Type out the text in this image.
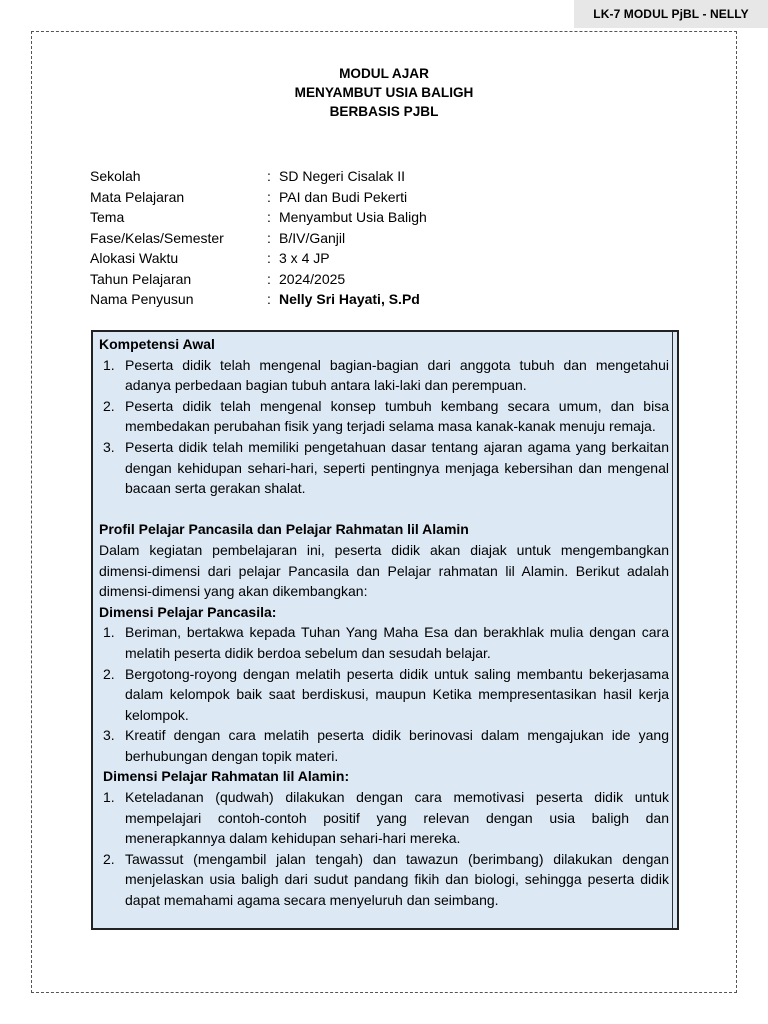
LK-7 MODUL PjBL - NELLY
MODUL AJAR
MENYAMBUT USIA BALIGH
BERBASIS PJBL
Sekolah	: SD Negeri Cisalak II
Mata Pelajaran	: PAI dan Budi Pekerti
Tema	: Menyambut Usia Baligh
Fase/Kelas/Semester	: B/IV/Ganjil
Alokasi Waktu	: 3 x 4 JP
Tahun Pelajaran	: 2024/2025
Nama Penyusun	: Nelly Sri Hayati, S.Pd
Kompetensi Awal
1. Peserta didik telah mengenal bagian-bagian dari anggota tubuh dan mengetahui adanya perbedaan bagian tubuh antara laki-laki dan perempuan.
2. Peserta didik telah mengenal konsep tumbuh kembang secara umum, dan bisa membedakan perubahan fisik yang terjadi selama masa kanak-kanak menuju remaja.
3. Peserta didik telah memiliki pengetahuan dasar tentang ajaran agama yang berkaitan dengan kehidupan sehari-hari, seperti pentingnya menjaga kebersihan dan mengenal bacaan serta gerakan shalat.
Profil Pelajar Pancasila dan Pelajar Rahmatan lil Alamin
Dalam kegiatan pembelajaran ini, peserta didik akan diajak untuk mengembangkan dimensi-dimensi dari pelajar Pancasila dan Pelajar rahmatan lil Alamin. Berikut adalah dimensi-dimensi yang akan dikembangkan:
Dimensi Pelajar Pancasila:
1. Beriman, bertakwa kepada Tuhan Yang Maha Esa dan berakhlak mulia dengan cara melatih peserta didik berdoa sebelum dan sesudah belajar.
2. Bergotong-royong dengan melatih peserta didik untuk saling membantu bekerjasama dalam kelompok baik saat berdiskusi, maupun Ketika mempresentasikan hasil kerja kelompok.
3. Kreatif dengan cara melatih peserta didik berinovasi dalam mengajukan ide yang berhubungan dengan topik materi.
Dimensi Pelajar Rahmatan lil Alamin:
1. Keteladanan (qudwah) dilakukan dengan cara memotivasi peserta didik untuk mempelajari contoh-contoh positif yang relevan dengan usia baligh dan menerapkannya dalam kehidupan sehari-hari mereka.
2. Tawassut (mengambil jalan tengah) dan tawazun (berimbang) dilakukan dengan menjelaskan usia baligh dari sudut pandang fikih dan biologi, sehingga peserta didik dapat memahami agama secara menyeluruh dan seimbang.
